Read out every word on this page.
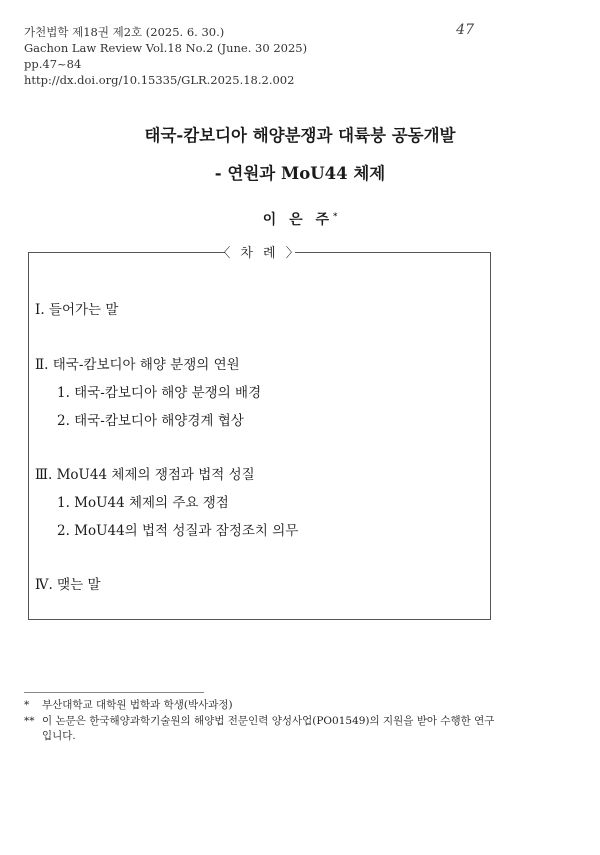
가천법학 제18권 제2호 (2025. 6. 30.)
Gachon Law Review Vol.18 No.2 (June. 30 2025)
pp.47~84
http://dx.doi.org/10.15335/GLR.2025.18.2.002
47
태국-캄보디아 해양분쟁과 대륙붕 공동개발
- 연원과 MoU44 체제
이 은 주*
〈 차 례 〉
Ⅰ. 들어가는 말
Ⅱ. 태국-캄보디아 해양 분쟁의 연원
1. 태국-캄보디아 해양 분쟁의 배경
2. 태국-캄보디아 해양경계 협상
Ⅲ. MoU44 체제의 쟁점과 법적 성질
1. MoU44 체제의 주요 쟁점
2. MoU44의 법적 성질과 잠정조치 의무
Ⅳ. 맺는 말
* 부산대학교 대학원 법학과 학생(박사과정)
** 이 논문은 한국해양과학기술원의 해양법 전문인력 양성사업(PO01549)의 지원을 받아 수행한 연구
입니다.
